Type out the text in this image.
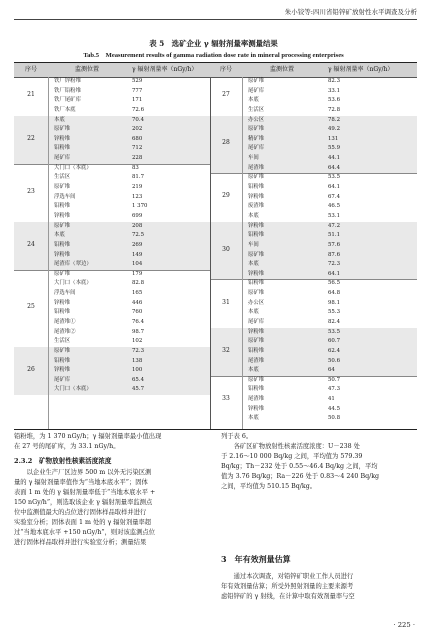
朱小铰等:四川省铅锌矿放射性水平调查及分析
表 5　选矿企业 γ 辐射剂量率测量结果
Tab.5　Measurement results of gamma radiation dose rate in mineral processing enterprises
序号	监测位置	γ 辐射剂量率（nGy/h）	序号	监测位置	γ 辐射剂量率（nGy/h）
21
铁厂锌粉堆	529
铁厂铅粉堆	777
铁厂尾矿库	171
铁厂本底	72.6
22
本底	70.4
原矿堆	202
锌粉堆	680
铅粉堆	712
尾矿库	228
23
大门口（本底）	83
生活区	81.7
原矿堆	219
浮选车间	123
铅粉堆	1 370
锌粉堆	699
24
原矿堆	208
本底	72.5
铅粉堆	269
锌粉堆	149
尾渣库（翠边）	104
25
原矿堆	179
大门口（本底）	82.8
浮选车间	165
锌粉堆	446
铅粉堆	760
尾渣堆①	76.4
尾渣堆②	98.7
生活区	102
26
原矿堆	72.3
铅粉堆	138
锌粉堆	100
尾矿库	65.4
大门口（本底）	45.7
27
原矿堆	82.3
尾矿库	33.1
本底	53.6
生活区	72.8
28
办公区	78.2
原矿堆	49.2
精矿堆	131
尾矿库	55.9
车间	44.1
尾渣堆	64.4
29
原矿堆	53.5
铅粉堆	64.1
锌粉堆	67.4
废渣堆	46.5
本底	53.1
30
锌粉堆	47.2
铅粉堆	51.1
车间	57.6
原矿堆	87.6
本底	72.3
锌粉堆	64.1
31
铅粉堆	56.5
原矿堆	64.8
办公区	98.1
本底	55.3
尾矿库	82.4
32
锌粉堆	53.5
原矿堆	60.7
铅粉堆	62.4
尾渣堆	50.6
本底	64
33
原矿堆	50.7
铅粉堆	47.3
尾渣堆	41
锌粉堆	44.5
本底	50.8
铅粉堆，为 1 370 nGy/h；γ 辐射剂量率最小值出现
在 27 号的尾矿库，为 33.1 nGy/h。
2.3.2　矿物放射性核素活度浓度
　　以企业生产厂区边界 500 m 以外无污染区测
量的 γ 辐射剂量率值作为“当地本底水平”；固体
表面 1 m 处的 γ 辐射剂量率低于“当地本底水平 +
150 nGy/h”，则选取该企业 γ 辐射剂量率监测点
位中监测值最大的点位进行固体样品取样并进行
实验室分析；固体表面 1 m 处的 γ 辐射剂量率超
过“当地本底水平 +150 nGy/h”，则对该监测点位
进行固体样品取样并进行实验室分析；测量结果
列于表 6。
　　各矿区矿物放射性核素活度浓度：U－238 处
于 2.16～10 000 Bq/kg 之间，平均值为 579.39
Bq/kg；Th－232 处于 0.55～46.4 Bq/kg 之间，平均
值为 3.76 Bq/kg；Ra－226 处于 0.83～4 240 Bq/kg
之间，平均值为 510.15 Bq/kg。
3　年有效剂量估算
　　通过本次调查，对铅锌矿职业工作人员进行
年有效剂量估算；所受外照射剂量的主要来源考
虑铅锌矿的 γ 射线，在计算中取有效剂量率与空
· 225 ·
